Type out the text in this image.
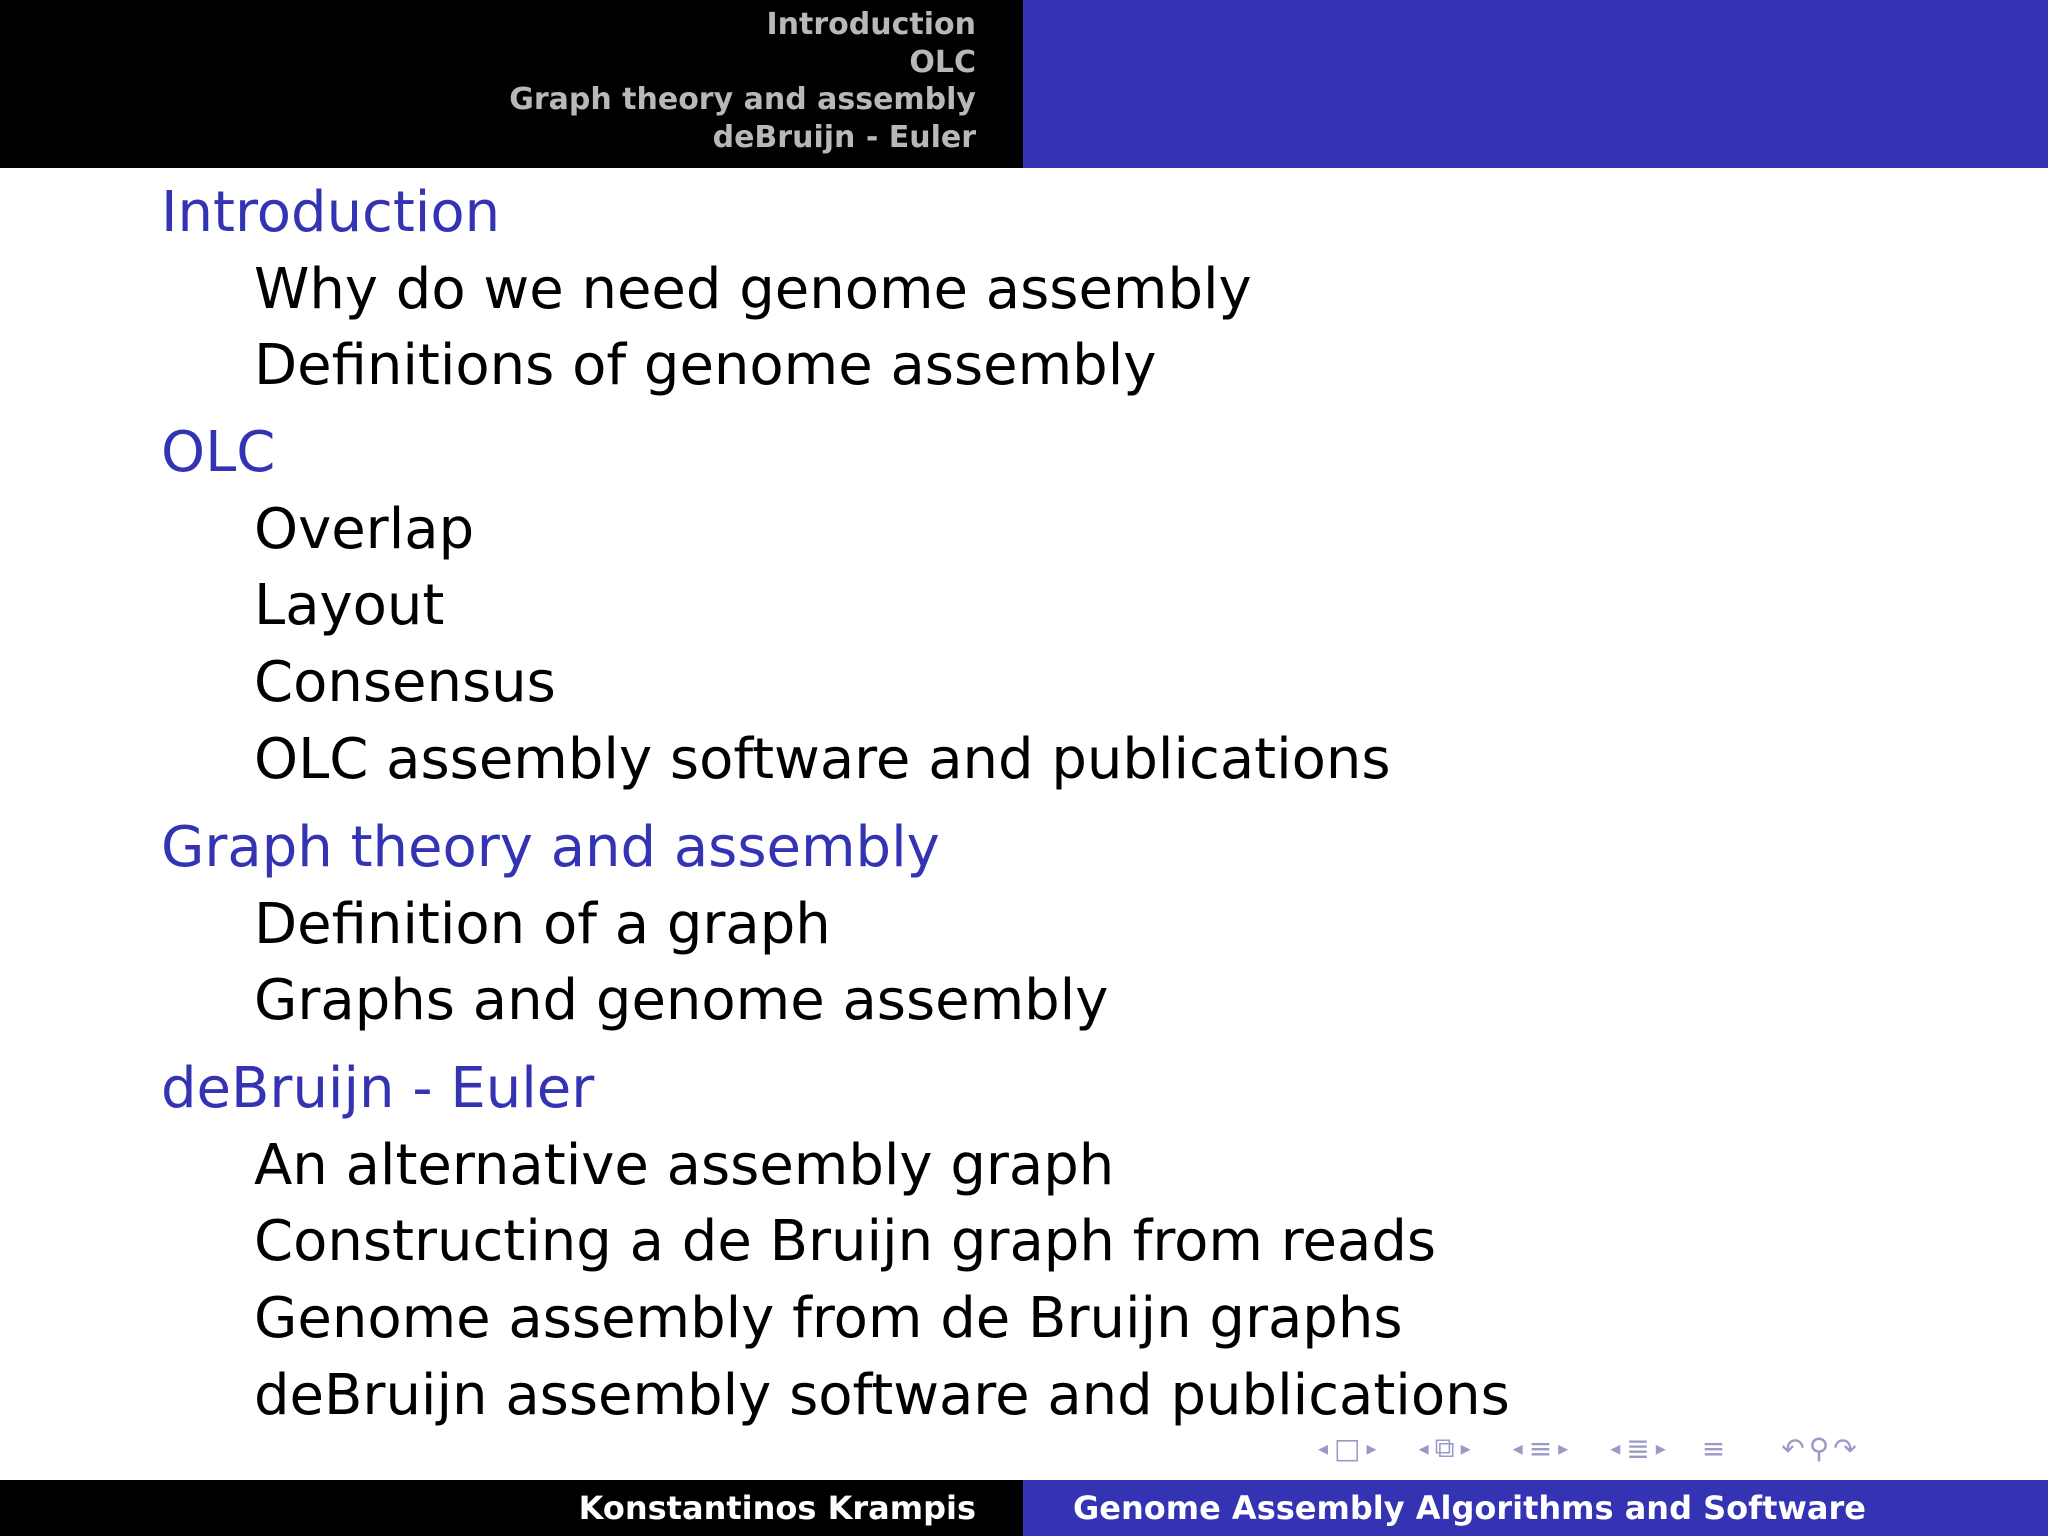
Introduction
OLC
Graph theory and assembly
deBruijn - Euler
Introduction
Why do we need genome assembly
Definitions of genome assembly
OLC
Overlap
Layout
Consensus
OLC assembly software and publications
Graph theory and assembly
Definition of a graph
Graphs and genome assembly
deBruijn - Euler
An alternative assembly graph
Constructing a de Bruijn graph from reads
Genome assembly from de Bruijn graphs
deBruijn assembly software and publications
◂ □ ▸ ◂ ⧉ ▸ ◂ ≡ ▸ ◂ ≣ ▸ ≡ ↶ ⚲ ↷
Konstantinos Krampis	Genome Assembly Algorithms and Software
